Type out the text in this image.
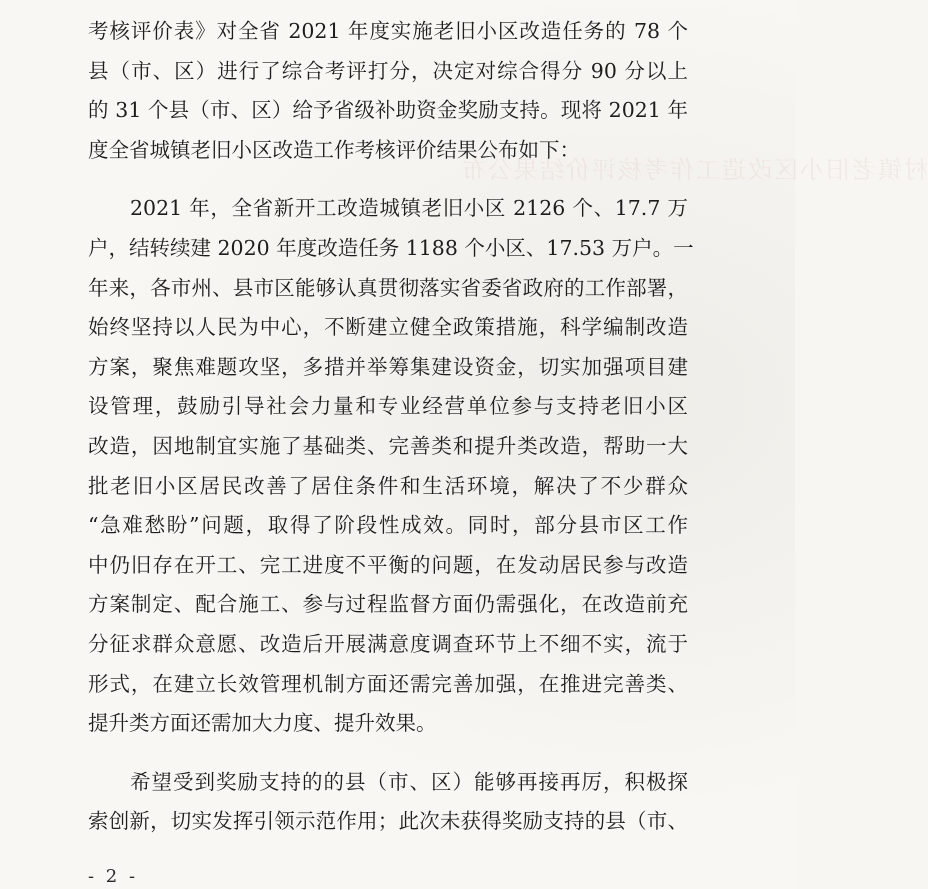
村镇老旧小区改造工作考核评价结果公布
考核评价表》对全省 2021 年度实施老旧小区改造任务的 78 个
县（市、区）进行了综合考评打分，决定对综合得分 90 分以上
的 31 个县（市、区）给予省级补助资金奖励支持。现将 2021 年
度全省城镇老旧小区改造工作考核评价结果公布如下：
2021 年，全省新开工改造城镇老旧小区 2126 个、17.7 万
户，结转续建 2020 年度改造任务 1188 个小区、17.53 万户。一
年来，各市州、县市区能够认真贯彻落实省委省政府的工作部署，
始终坚持以人民为中心，不断建立健全政策措施，科学编制改造
方案，聚焦难题攻坚，多措并举筹集建设资金，切实加强项目建
设管理，鼓励引导社会力量和专业经营单位参与支持老旧小区
改造，因地制宜实施了基础类、完善类和提升类改造，帮助一大
批老旧小区居民改善了居住条件和生活环境，解决了不少群众
“急难愁盼”问题，取得了阶段性成效。同时，部分县市区工作
中仍旧存在开工、完工进度不平衡的问题，在发动居民参与改造
方案制定、配合施工、参与过程监督方面仍需强化，在改造前充
分征求群众意愿、改造后开展满意度调查环节上不细不实，流于
形式，在建立长效管理机制方面还需完善加强，在推进完善类、
提升类方面还需加大力度、提升效果。
希望受到奖励支持的的县（市、区）能够再接再厉，积极探
索创新，切实发挥引领示范作用；此次未获得奖励支持的县（市、
- 2 -
